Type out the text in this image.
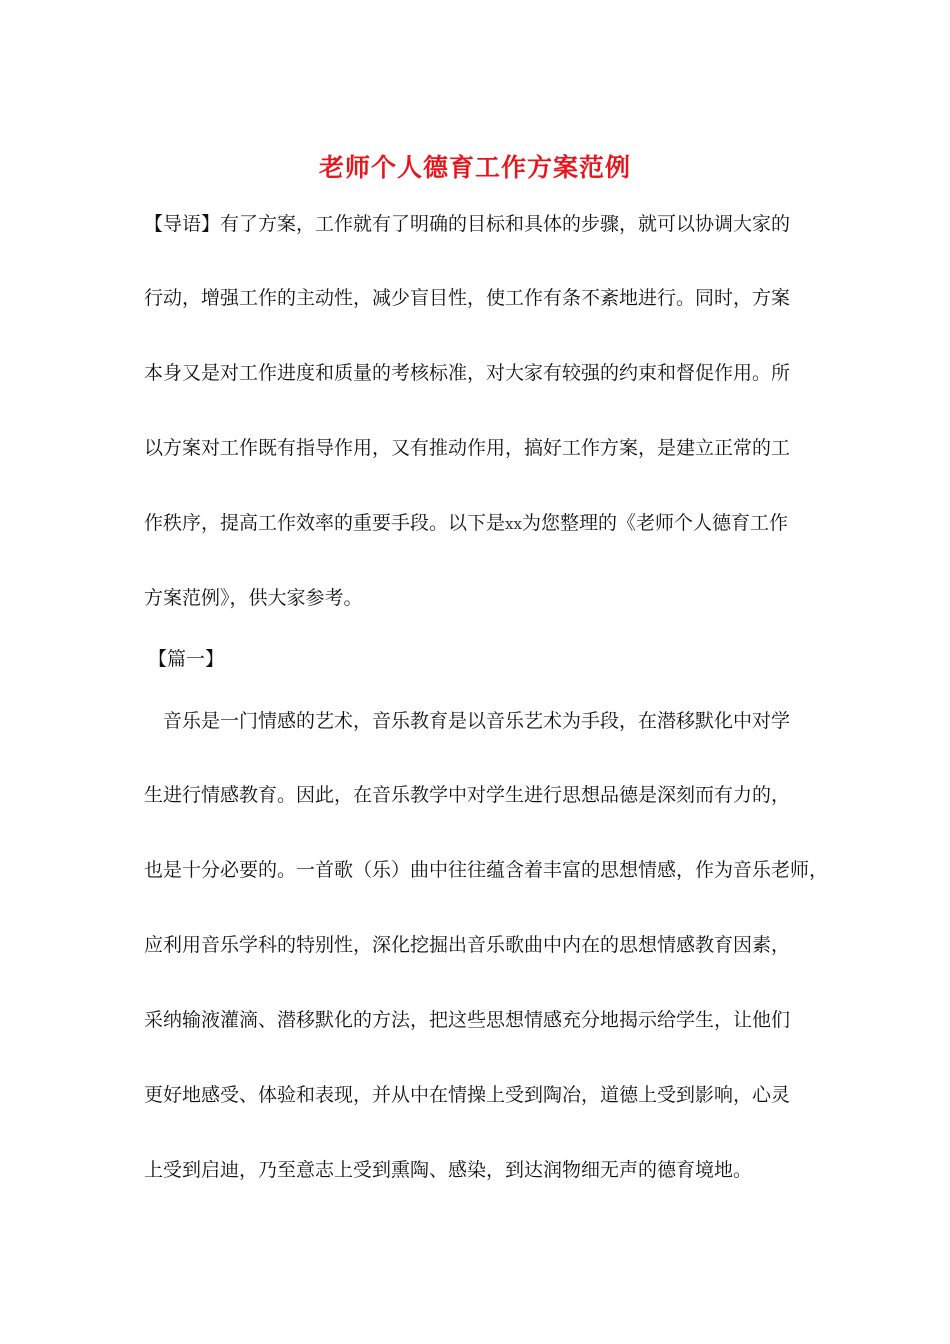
老师个人德育工作方案范例
【导语】有了方案，工作就有了明确的目标和具体的步骤，就可以协调大家的
行动，增强工作的主动性，减少盲目性，使工作有条不紊地进行。同时，方案
本身又是对工作进度和质量的考核标准，对大家有较强的约束和督促作用。所
以方案对工作既有指导作用，又有推动作用，搞好工作方案，是建立正常的工
作秩序，提高工作效率的重要手段。以下是xx为您整理的《老师个人德育工作
方案范例》，供大家参考。
【篇一】
音乐是一门情感的艺术，音乐教育是以音乐艺术为手段，在潜移默化中对学
生进行情感教育。因此，在音乐教学中对学生进行思想品德是深刻而有力的，
也是十分必要的。一首歌（乐）曲中往往蕴含着丰富的思想情感，作为音乐老师，
应利用音乐学科的特别性，深化挖掘出音乐歌曲中内在的思想情感教育因素，
采纳输液灌滴、潜移默化的方法，把这些思想情感充分地揭示给学生，让他们
更好地感受、体验和表现，并从中在情操上受到陶冶，道德上受到影响，心灵
上受到启迪，乃至意志上受到熏陶、感染，到达润物细无声的德育境地。
